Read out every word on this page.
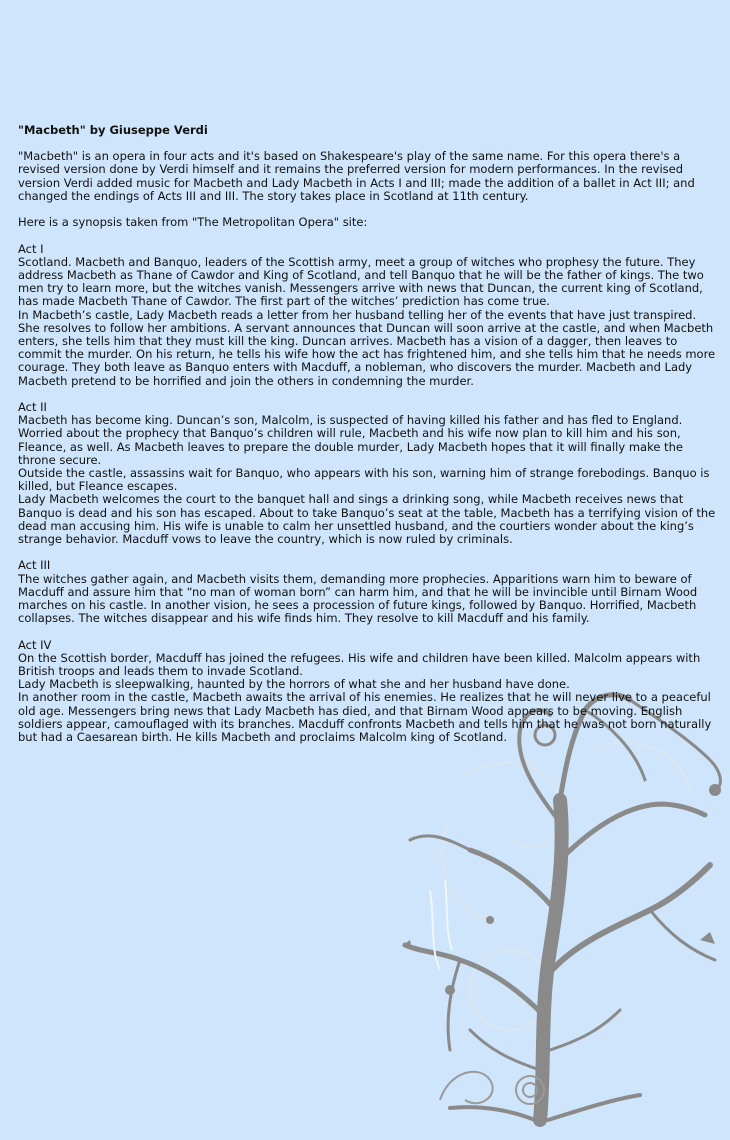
"Macbeth" by Giuseppe Verdi

"Macbeth" is an opera in four acts and it's based on Shakespeare's play of the same name. For this opera there's a revised version done by Verdi himself and it remains the preferred version for modern performances. In the revised version Verdi added music for Macbeth and Lady Macbeth in Acts I and III; made the addition of a ballet in Act III; and changed the endings of Acts III and III. The story takes place in Scotland at 11th century.

Here is a synopsis taken from "The Metropolitan Opera" site:

Act I
Scotland. Macbeth and Banquo, leaders of the Scottish army, meet a group of witches who prophesy the future. They address Macbeth as Thane of Cawdor and King of Scotland, and tell Banquo that he will be the father of kings. The two men try to learn more, but the witches vanish. Messengers arrive with news that Duncan, the current king of Scotland, has made Macbeth Thane of Cawdor. The first part of the witches’ prediction has come true.
In Macbeth’s castle, Lady Macbeth reads a letter from her husband telling her of the events that have just transpired. She resolves to follow her ambitions. A servant announces that Duncan will soon arrive at the castle, and when Macbeth enters, she tells him that they must kill the king. Duncan arrives. Macbeth has a vision of a dagger, then leaves to commit the murder. On his return, he tells his wife how the act has frightened him, and she tells him that he needs more courage. They both leave as Banquo enters with Macduff, a nobleman, who discovers the murder. Macbeth and Lady Macbeth pretend to be horrified and join the others in condemning the murder.
Act II
Macbeth has become king. Duncan’s son, Malcolm, is suspected of having killed his father and has fled to England. Worried about the prophecy that Banquo’s children will rule, Macbeth and his wife now plan to kill him and his son, Fleance, as well. As Macbeth leaves to prepare the double murder, Lady Macbeth hopes that it will finally make the throne secure.
Outside the castle, assassins wait for Banquo, who appears with his son, warning him of strange forebodings. Banquo is killed, but Fleance escapes.
Lady Macbeth welcomes the court to the banquet hall and sings a drinking song, while Macbeth receives news that Banquo is dead and his son has escaped. About to take Banquo’s seat at the table, Macbeth has a terrifying vision of the dead man accusing him. His wife is unable to calm her unsettled husband, and the courtiers wonder about the king’s strange behavior. Macduff vows to leave the country, which is now ruled by criminals.
Act III
The witches gather again, and Macbeth visits them, demanding more prophecies. Apparitions warn him to beware of Macduff and assure him that “no man of woman born” can harm him, and that he will be invincible until Birnam Wood marches on his castle. In another vision, he sees a procession of future kings, followed by Banquo. Horrified, Macbeth collapses. The witches disappear and his wife finds him. They resolve to kill Macduff and his family.
Act IV
On the Scottish border, Macduff has joined the refugees. His wife and children have been killed. Malcolm appears with British troops and leads them to invade Scotland.
Lady Macbeth is sleepwalking, haunted by the horrors of what she and her husband have done.
In another room in the castle, Macbeth awaits the arrival of his enemies. He realizes that he will never live to a peaceful old age. Messengers bring news that Lady Macbeth has died, and that Birnam Wood appears to be moving. English soldiers appear, camouflaged with its branches. Macduff confronts Macbeth and tells him that he was not born naturally but had a Caesarean birth. He kills Macbeth and proclaims Malcolm king of Scotland.
